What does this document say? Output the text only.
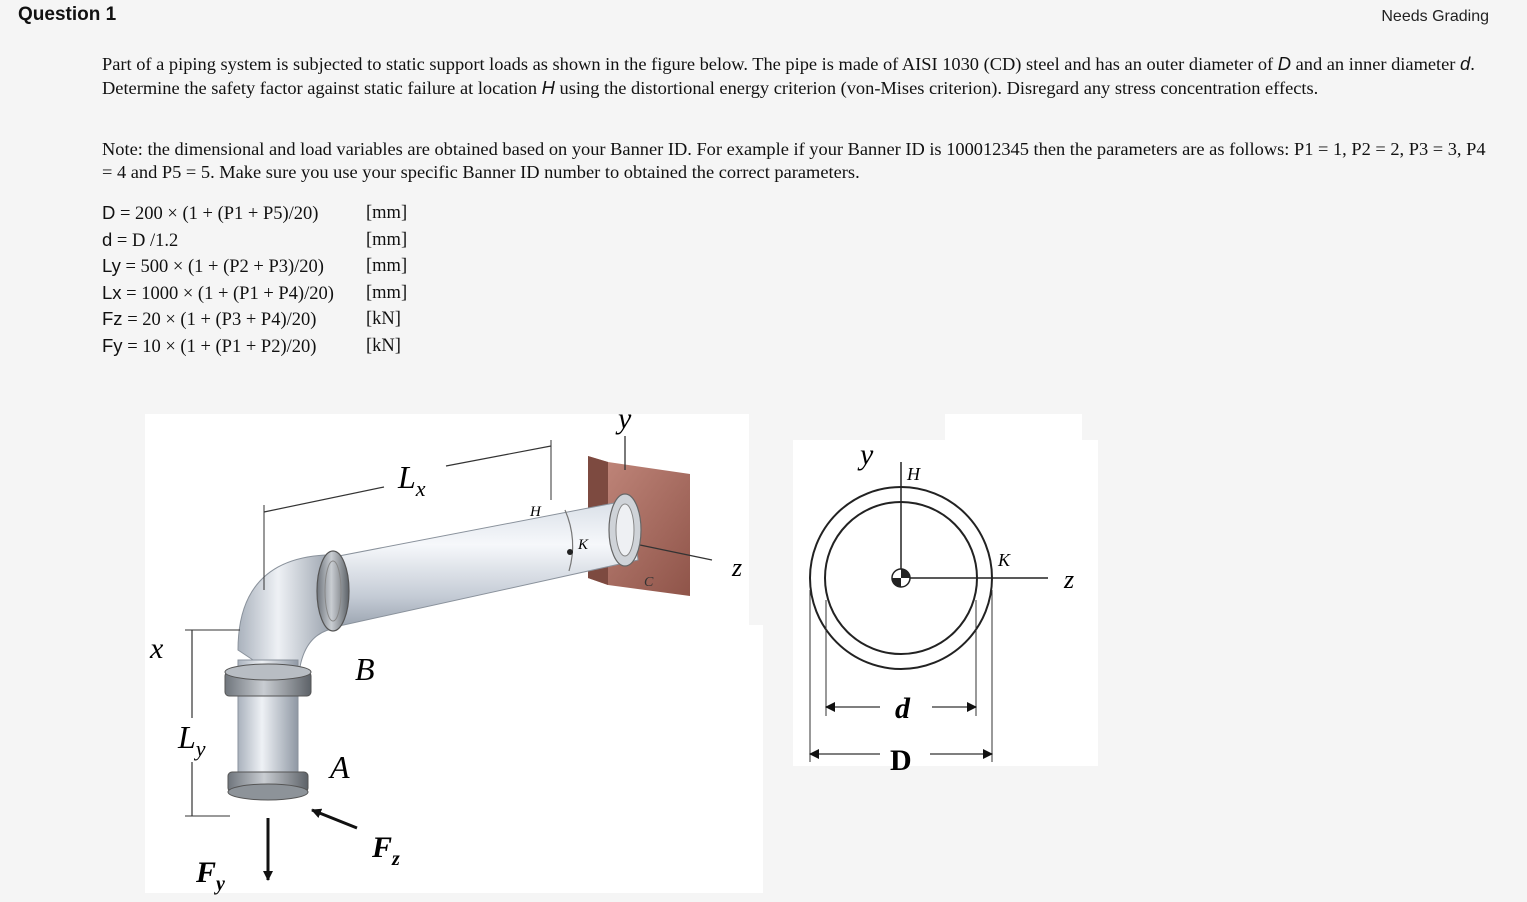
Question 1	Needs Grading

Part of a piping system is subjected to static support loads as shown in the figure below. The pipe is made of AISI 1030 (CD) steel and has an outer diameter of D and an inner diameter d. Determine the safety factor against static failure at location H using the distortional energy criterion (von-Mises criterion). Disregard any stress concentration effects.

Note: the dimensional and load variables are obtained based on your Banner ID. For example if your Banner ID is 100012345 then the parameters are as follows: P1 = 1, P2 = 2, P3 = 3, P4 = 4 and P5 = 5. Make sure you use your specific Banner ID number to obtained the correct parameters.

D = 200 × (1 + (P1 + P5)/20)	[mm]
d = D /1.2	[mm]
Ly = 500 × (1 + (P2 + P3)/20) [mm]
Lx = 1000 × (1 + (P1 + P4)/20) [mm]
Fz = 20 × (1 + (P3 + P4)/20)	[kN]
Fy = 10 × (1 + (P1 + P2)/20)	[kN]
y
z
H
K
C
$L_x$
x
$L_y$
B
A
$F_z$
$F_y$
y
H
K
z
d
D
